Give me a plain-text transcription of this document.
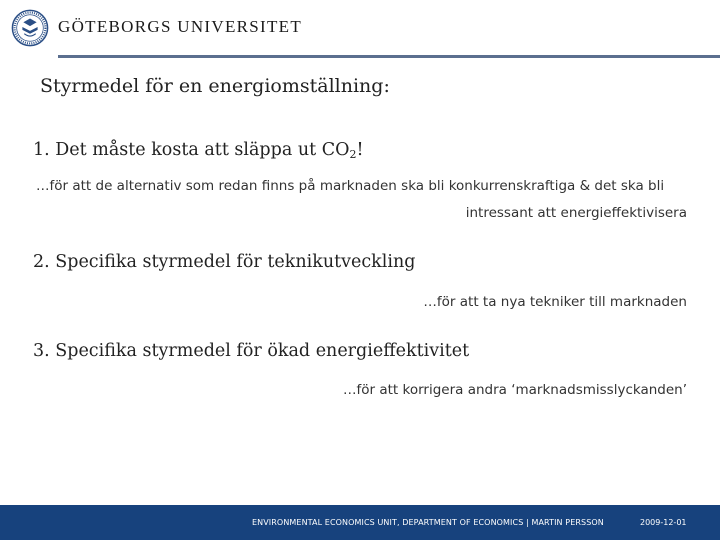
GÖTEBORGS UNIVERSITET
Styrmedel för en energiomställning:

1. Det måste kosta att släppa ut $CO_2$!

…för att de alternativ som redan finns på marknaden ska bli konkurrenskraftiga & det ska bli

intressant att energieffektivisera

2. Specifika styrmedel för teknikutveckling

…för att ta nya tekniker till marknaden

3. Specifika styrmedel för ökad energieffektivitet

…för att korrigera andra ‘marknadsmisslyckanden’

ENVIRONMENTAL ECONOMICS UNIT, DEPARTMENT OF ECONOMICS | MARTIN PERSSON	2009-12-01
